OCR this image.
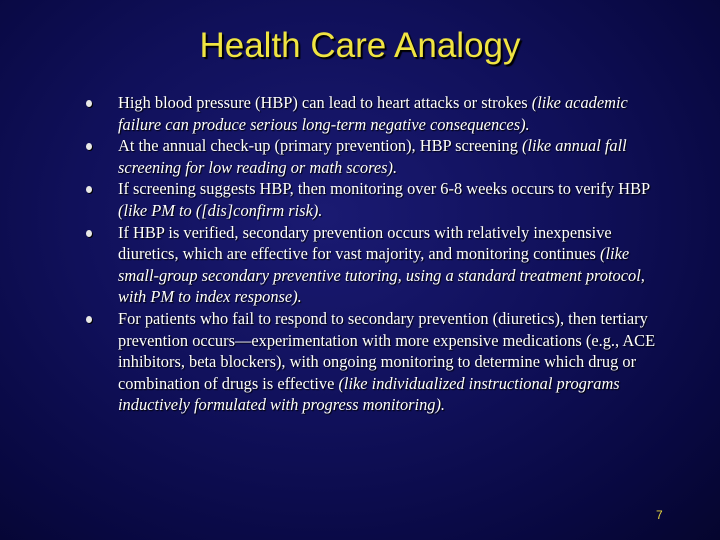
Health Care Analogy
High blood pressure (HBP) can lead to heart attacks or strokes (like academic failure can produce serious long-term negative consequences).
At the annual check-up (primary prevention), HBP screening (like annual fall screening for low reading or math scores).
If screening suggests HBP, then monitoring over 6-8 weeks occurs to verify HBP (like PM to ([dis]confirm risk).
If HBP is verified, secondary prevention occurs with relatively inexpensive diuretics, which are effective for vast majority, and monitoring continues (like small-group secondary preventive tutoring, using a standard treatment protocol, with PM to index response).
For patients who fail to respond to secondary prevention (diuretics), then tertiary prevention occurs—experimentation with more expensive medications (e.g., ACE inhibitors, beta blockers), with ongoing monitoring to determine which drug or combination of drugs is effective (like individualized instructional programs inductively formulated with progress monitoring).
7
